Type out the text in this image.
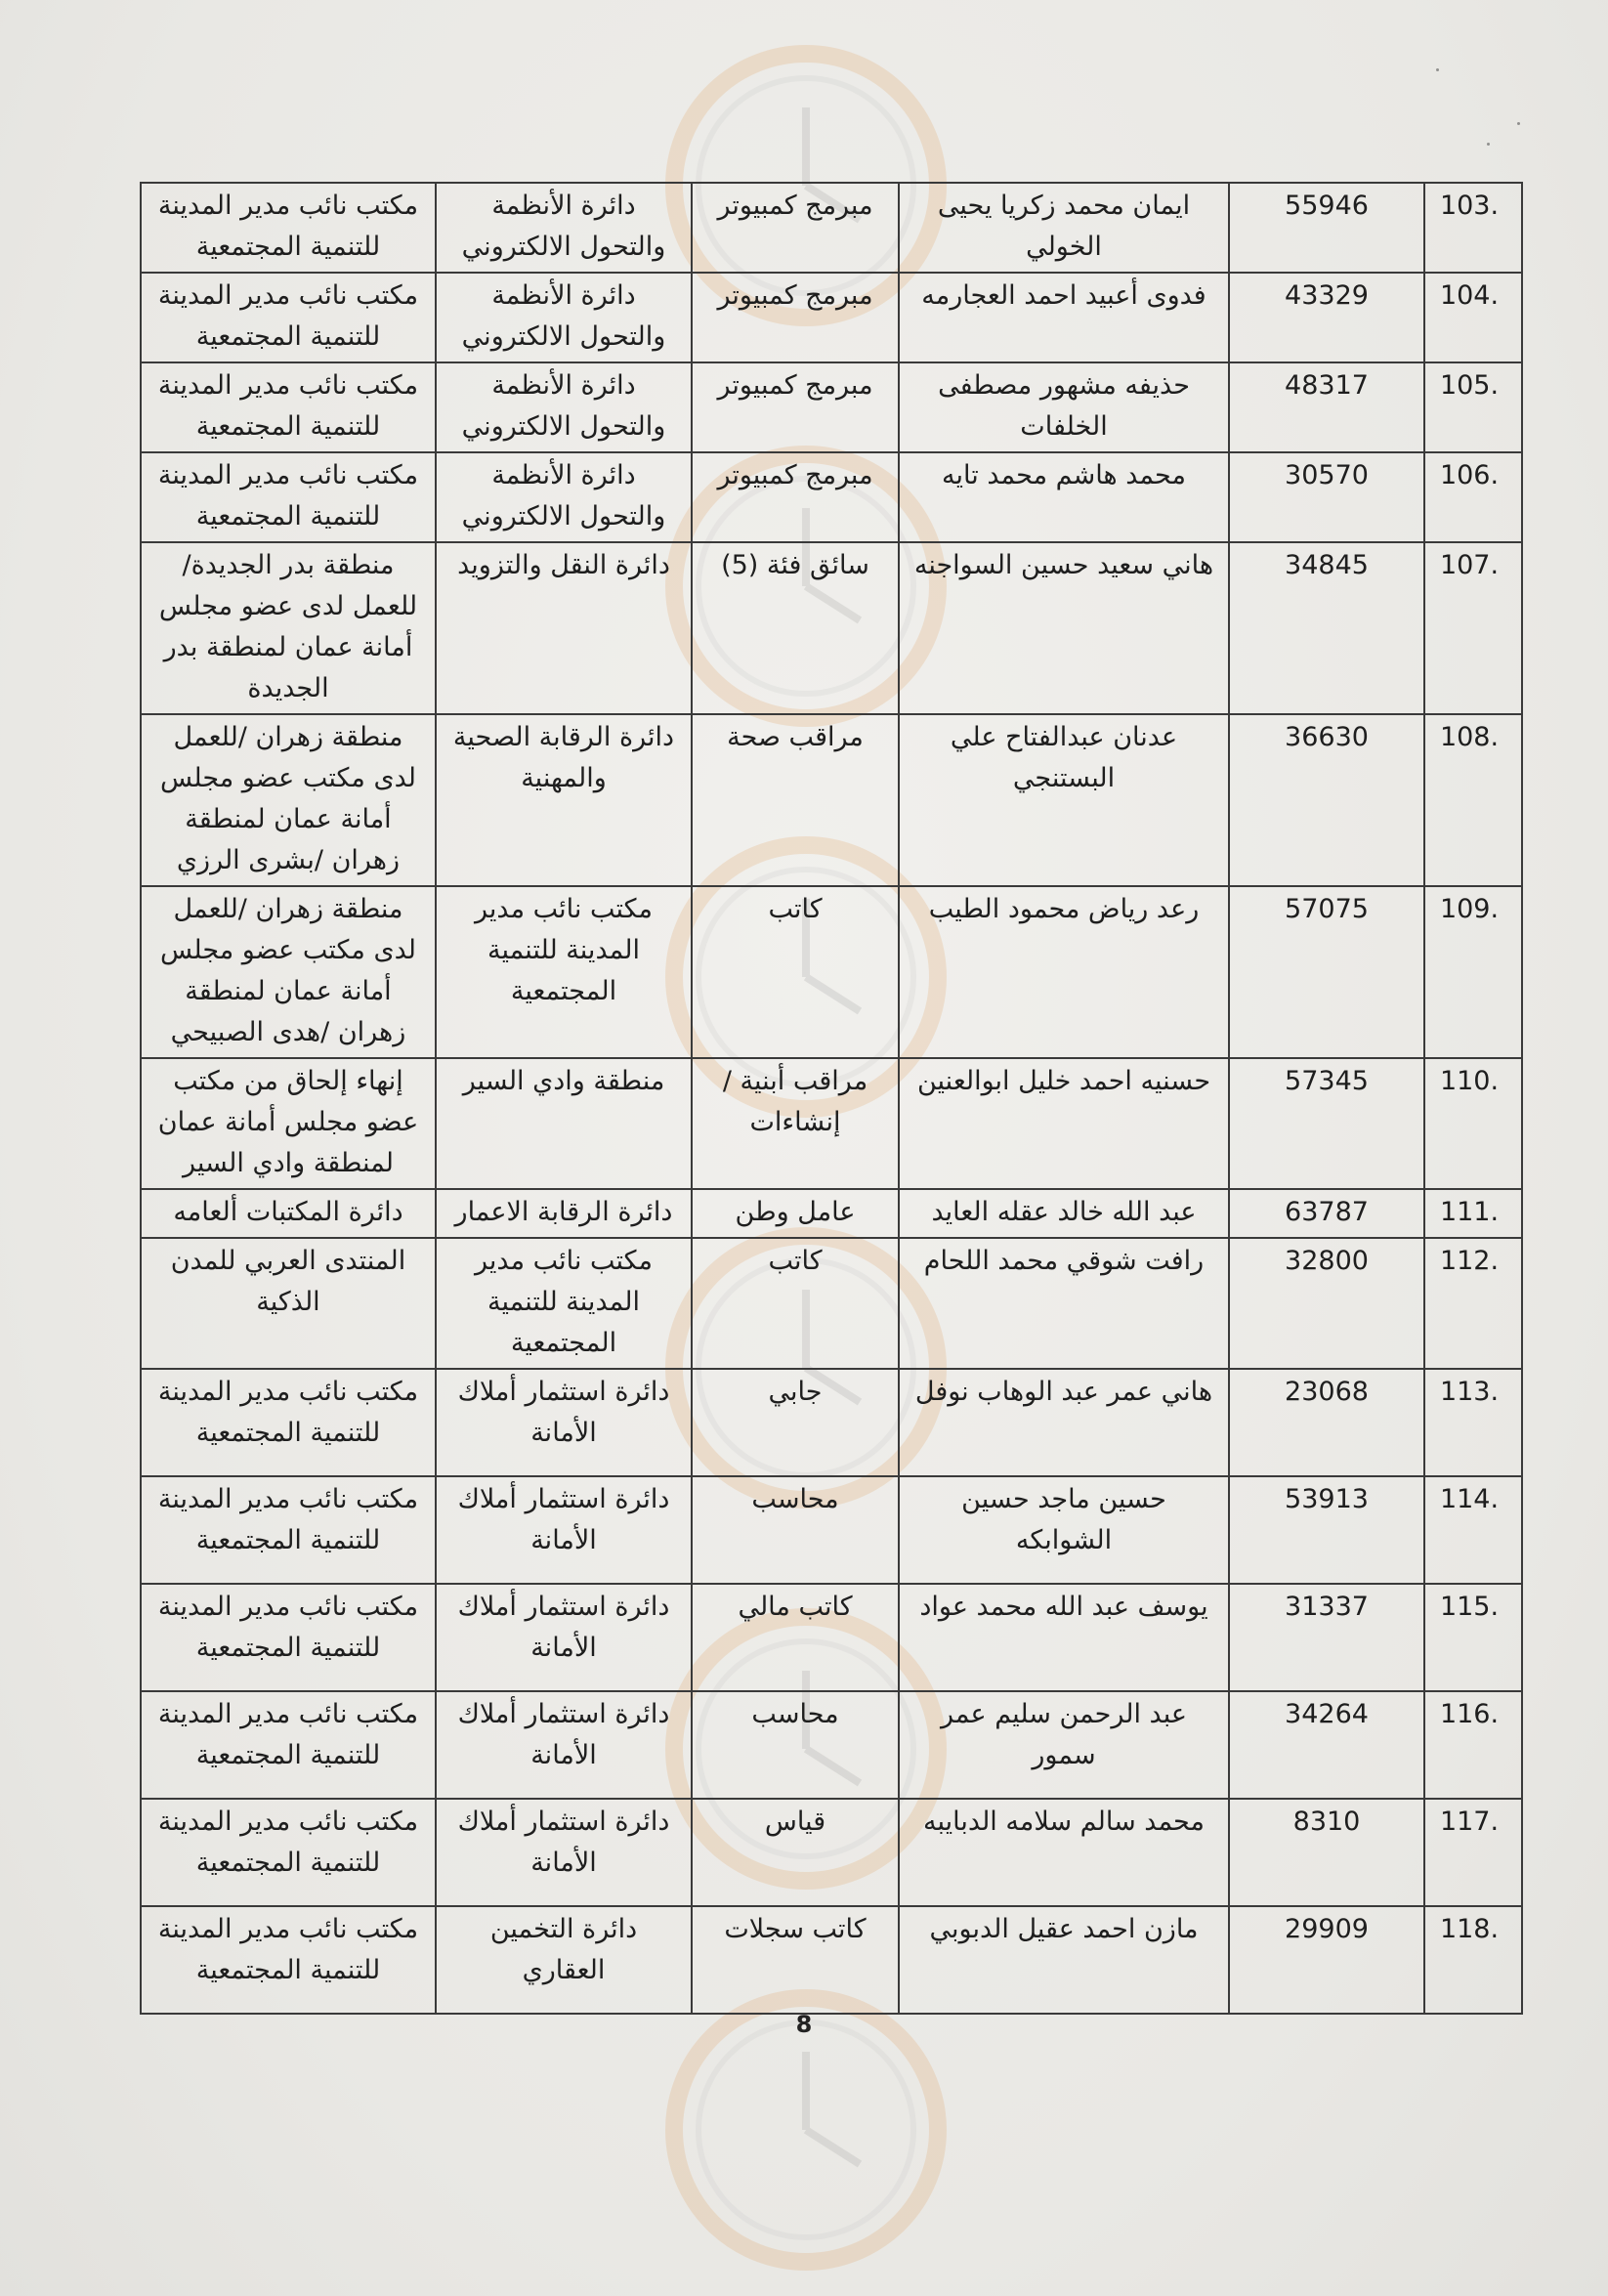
103.	55946	ايمان محمد زكريا يحيى الخولي	مبرمج كمبيوتر	دائرة الأنظمة والتحول الالكتروني	مكتب نائب مدير المدينة للتنمية المجتمعية
104.	43329	فدوى أعبيد احمد العجارمه	مبرمج كمبيوتر	دائرة الأنظمة والتحول الالكتروني	مكتب نائب مدير المدينة للتنمية المجتمعية
105.	48317	حذيفه مشهور مصطفى الخلفات	مبرمج كمبيوتر	دائرة الأنظمة والتحول الالكتروني	مكتب نائب مدير المدينة للتنمية المجتمعية
106.	30570	محمد هاشم محمد تايه	مبرمج كمبيوتر	دائرة الأنظمة والتحول الالكتروني	مكتب نائب مدير المدينة للتنمية المجتمعية
107.	34845	هاني سعيد حسين السواجنه	سائق فئة (5)	دائرة النقل والتزويد	منطقة بدر الجديدة/للعمل لدى عضو مجلس أمانة عمان لمنطقة بدر الجديدة
108.	36630	عدنان عبدالفتاح علي البستنجي	مراقب صحة	دائرة الرقابة الصحية والمهنية	منطقة زهران /للعمل لدى مكتب عضو مجلس أمانة عمان لمنطقة زهران /بشرى الرزي
109.	57075	رعد رياض محمود الطيب	كاتب	مكتب نائب مدير المدينة للتنمية المجتمعية	منطقة زهران /للعمل لدى مكتب عضو مجلس أمانة عمان لمنطقة زهران /هدى الصبيحي
110.	57345	حسنيه احمد خليل ابوالعنين	مراقب أبنية /إنشاءات	منطقة وادي السير	إنهاء إلحاق من مكتب عضو مجلس أمانة عمان لمنطقة وادي السير
111.	63787	عبد الله خالد عقله العايد	عامل وطن	دائرة الرقابة الاعمار	دائرة المكتبات ألعامه
112.	32800	رافت شوقي محمد اللحام	كاتب	مكتب نائب مدير المدينة للتنمية المجتمعية	المنتدى العربي للمدن الذكية
113.	23068	هاني عمر عبد الوهاب نوفل	جابي	دائرة استثمار أملاك الأمانة	مكتب نائب مدير المدينة للتنمية المجتمعية
114.	53913	حسين ماجد حسين الشوابكه	محاسب	دائرة استثمار أملاك الأمانة	مكتب نائب مدير المدينة للتنمية المجتمعية
115.	31337	يوسف عبد الله محمد عواد	كاتب مالي	دائرة استثمار أملاك الأمانة	مكتب نائب مدير المدينة للتنمية المجتمعية
116.	34264	عبد الرحمن سليم عمر سمور	محاسب	دائرة استثمار أملاك الأمانة	مكتب نائب مدير المدينة للتنمية المجتمعية
117.	8310	محمد سالم سلامه الدبايبه	قياس	دائرة استثمار أملاك الأمانة	مكتب نائب مدير المدينة للتنمية المجتمعية
118.	29909	مازن احمد عقيل الدبوبي	كاتب سجلات	دائرة التخمين العقاري	مكتب نائب مدير المدينة للتنمية المجتمعية
8
